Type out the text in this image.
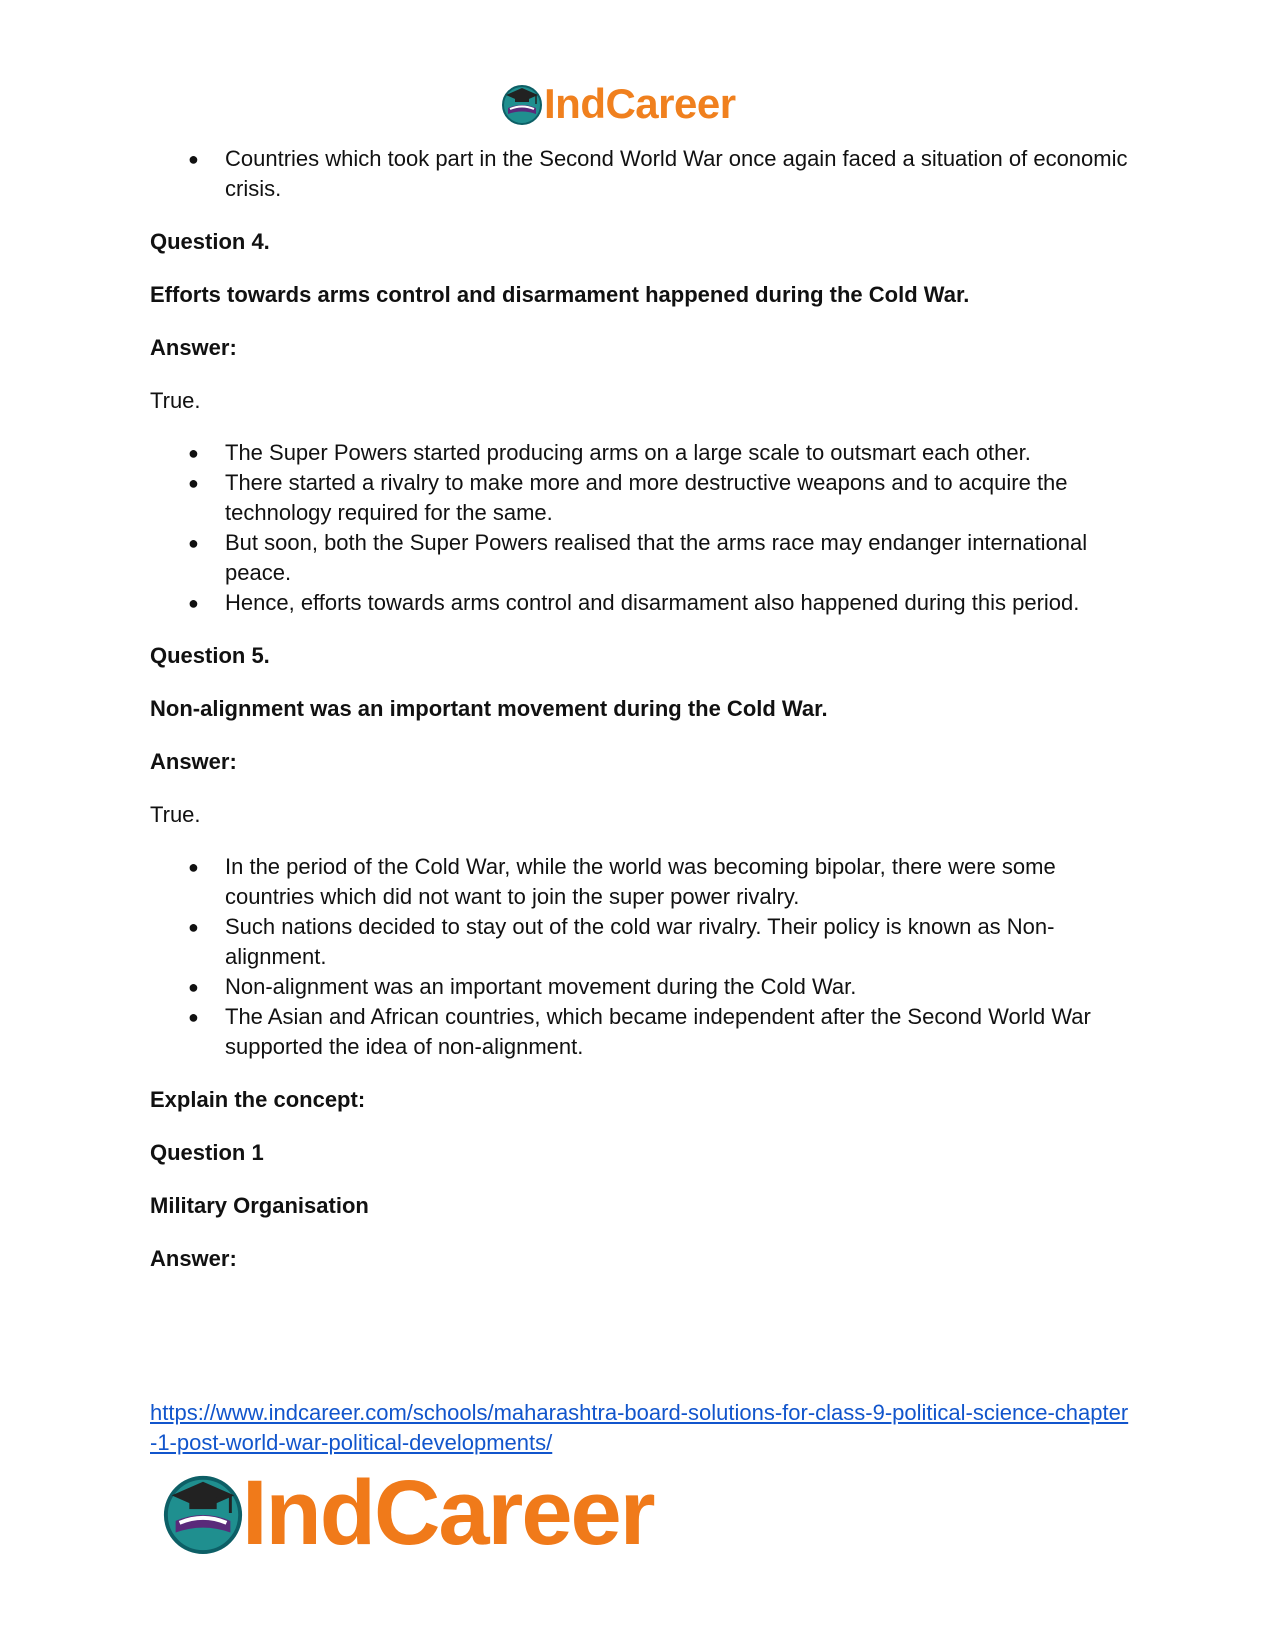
IndCareer
● Countries which took part in the Second World War once again faced a situation of economic crisis.
Question 4.
Efforts towards arms control and disarmament happened during the Cold War.
Answer:
True.
● The Super Powers started producing arms on a large scale to outsmart each other.
● There started a rivalry to make more and more destructive weapons and to acquire the technology required for the same.
● But soon, both the Super Powers realised that the arms race may endanger international peace.
● Hence, efforts towards arms control and disarmament also happened during this period.
Question 5.
Non-alignment was an important movement during the Cold War.
Answer:
True.
● In the period of the Cold War, while the world was becoming bipolar, there were some countries which did not want to join the super power rivalry.
● Such nations decided to stay out of the cold war rivalry. Their policy is known as Non-alignment.
● Non-alignment was an important movement during the Cold War.
● The Asian and African countries, which became independent after the Second World War supported the idea of non-alignment.
Explain the concept:
Question 1
Military Organisation
Answer:
https://www.indcareer.com/schools/maharashtra-board-solutions-for-class-9-political-science-chapter-1-post-world-war-political-developments/
IndCareer
